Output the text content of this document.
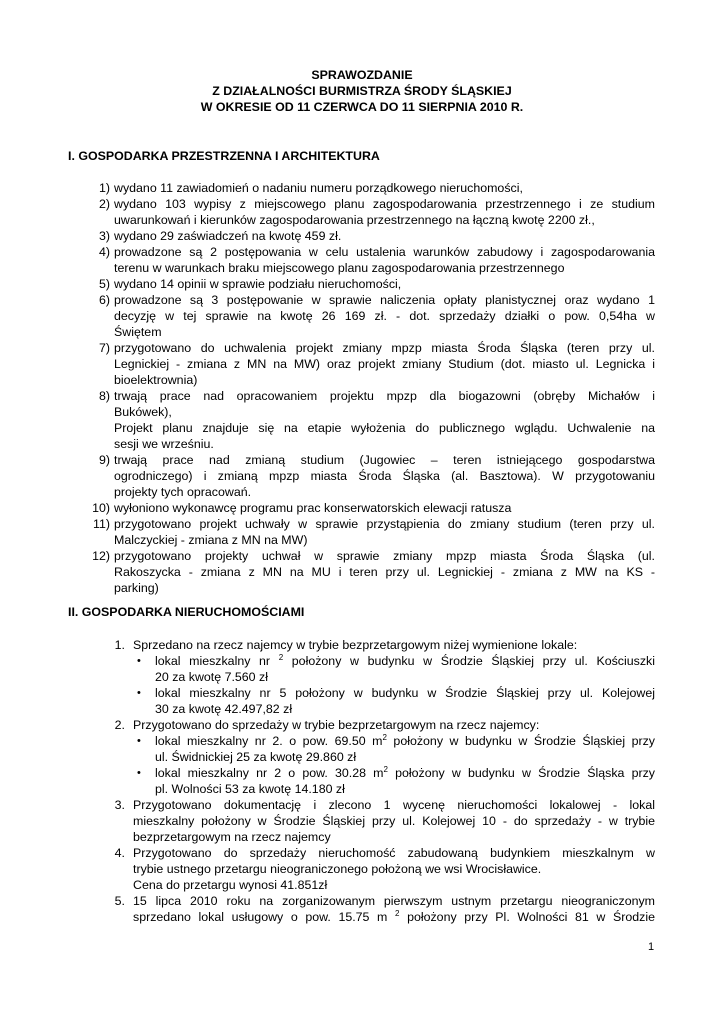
SPRAWOZDANIE
Z DZIAŁALNOŚCI BURMISTRZA ŚRODY ŚLĄSKIEJ
W OKRESIE OD 11 CZERWCA DO 11 SIERPNIA 2010 R.
I. GOSPODARKA PRZESTRZENNA I ARCHITEKTURA
1) wydano 11 zawiadomień o nadaniu numeru porządkowego nieruchomości,
2) wydano 103 wypisy z miejscowego planu zagospodarowania przestrzennego i ze studium
uwarunkowań i kierunków zagospodarowania przestrzennego na łączną kwotę 2200 zł.,
3) wydano 29 zaświadczeń na kwotę 459 zł.
4) prowadzone są 2 postępowania w celu ustalenia warunków zabudowy i zagospodarowania
terenu w warunkach braku miejscowego planu zagospodarowania przestrzennego
5) wydano 14 opinii w sprawie podziału nieruchomości,
6) prowadzone są 3 postępowanie w sprawie naliczenia opłaty planistycznej oraz wydano 1
decyzję w tej sprawie na kwotę 26 169 zł. - dot. sprzedaży działki o pow. 0,54ha w
Świętem
7) przygotowano do uchwalenia projekt zmiany mpzp miasta Środa Śląska (teren przy ul.
Legnickiej - zmiana z MN na MW) oraz projekt zmiany Studium (dot. miasto ul. Legnicka i
bioelektrownia)
8) trwają prace nad opracowaniem projektu mpzp dla biogazowni (obręby Michałów i
Bukówek),
Projekt planu znajduje się na etapie wyłożenia do publicznego wglądu. Uchwalenie na
sesji we wrześniu.
9) trwają prace nad zmianą studium (Jugowiec – teren istniejącego gospodarstwa
ogrodniczego) i zmianą mpzp miasta Środa Śląska (al. Basztowa). W przygotowaniu
projekty tych opracowań.
10) wyłoniono wykonawcę programu prac konserwatorskich elewacji ratusza
11) przygotowano projekt uchwały w sprawie przystąpienia do zmiany studium (teren przy ul.
Malczyckiej - zmiana z MN na MW)
12) przygotowano projekty uchwał w sprawie zmiany mpzp miasta Środa Śląska (ul.
Rakoszycka - zmiana z MN na MU i teren przy ul. Legnickiej - zmiana z MW na KS -
parking)
II. GOSPODARKA NIERUCHOMOŚCIAMI
1. Sprzedano na rzecz najemcy w trybie bezprzetargowym niżej wymienione lokale:
• lokal mieszkalny nr $^2$ położony w budynku w Środzie Śląskiej przy ul. Kościuszki
20 za kwotę 7.560 zł
• lokal mieszkalny nr 5 położony w budynku w Środzie Śląskiej przy ul. Kolejowej
30 za kwotę 42.497,82 zł
2. Przygotowano do sprzedaży w trybie bezprzetargowym na rzecz najemcy:
• lokal mieszkalny nr 2. o pow. 69.50 $m^2$ położony w budynku w Środzie Śląskiej przy
ul. Świdnickiej 25 za kwotę 29.860 zł
• lokal mieszkalny nr 2 o pow. 30.28 $m^2$ położony w budynku w Środzie Śląska przy
pl. Wolności 53 za kwotę 14.180 zł
3. Przygotowano dokumentację i zlecono 1 wycenę nieruchomości lokalowej - lokal
mieszkalny położony w Środzie Śląskiej przy ul. Kolejowej 10 - do sprzedaży - w trybie
bezprzetargowym na rzecz najemcy
4. Przygotowano do sprzedaży nieruchomość zabudowaną budynkiem mieszkalnym w
trybie ustnego przetargu nieograniczonego położoną we wsi Wrocisławice.
Cena do przetargu wynosi 41.851zł
5. 15 lipca 2010 roku na zorganizowanym pierwszym ustnym przetargu nieograniczonym
sprzedano lokal usługowy o pow. 15.75 m $^2$ położony przy Pl. Wolności 81 w Środzie
1
